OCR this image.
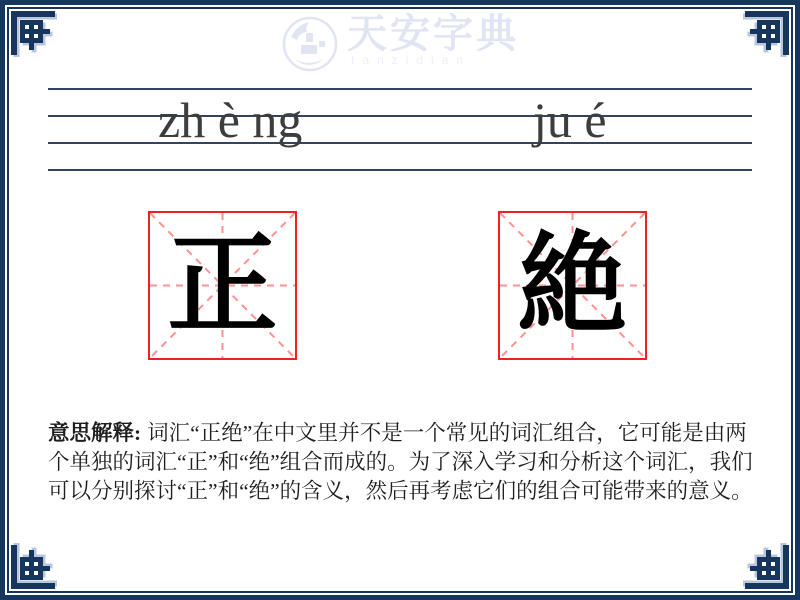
天安字典
tanzidian
zh è ng	ju é
正 絶

意思解释: 词汇“正绝”在中文里并不是一个常见的词汇组合，它可能是由两个单独的词汇“正”和“绝”组合而成的。为了深入学习和分析这个词汇，我们可以分别探讨“正”和“绝”的含义，然后再考虑它们的组合可能带来的意义。
